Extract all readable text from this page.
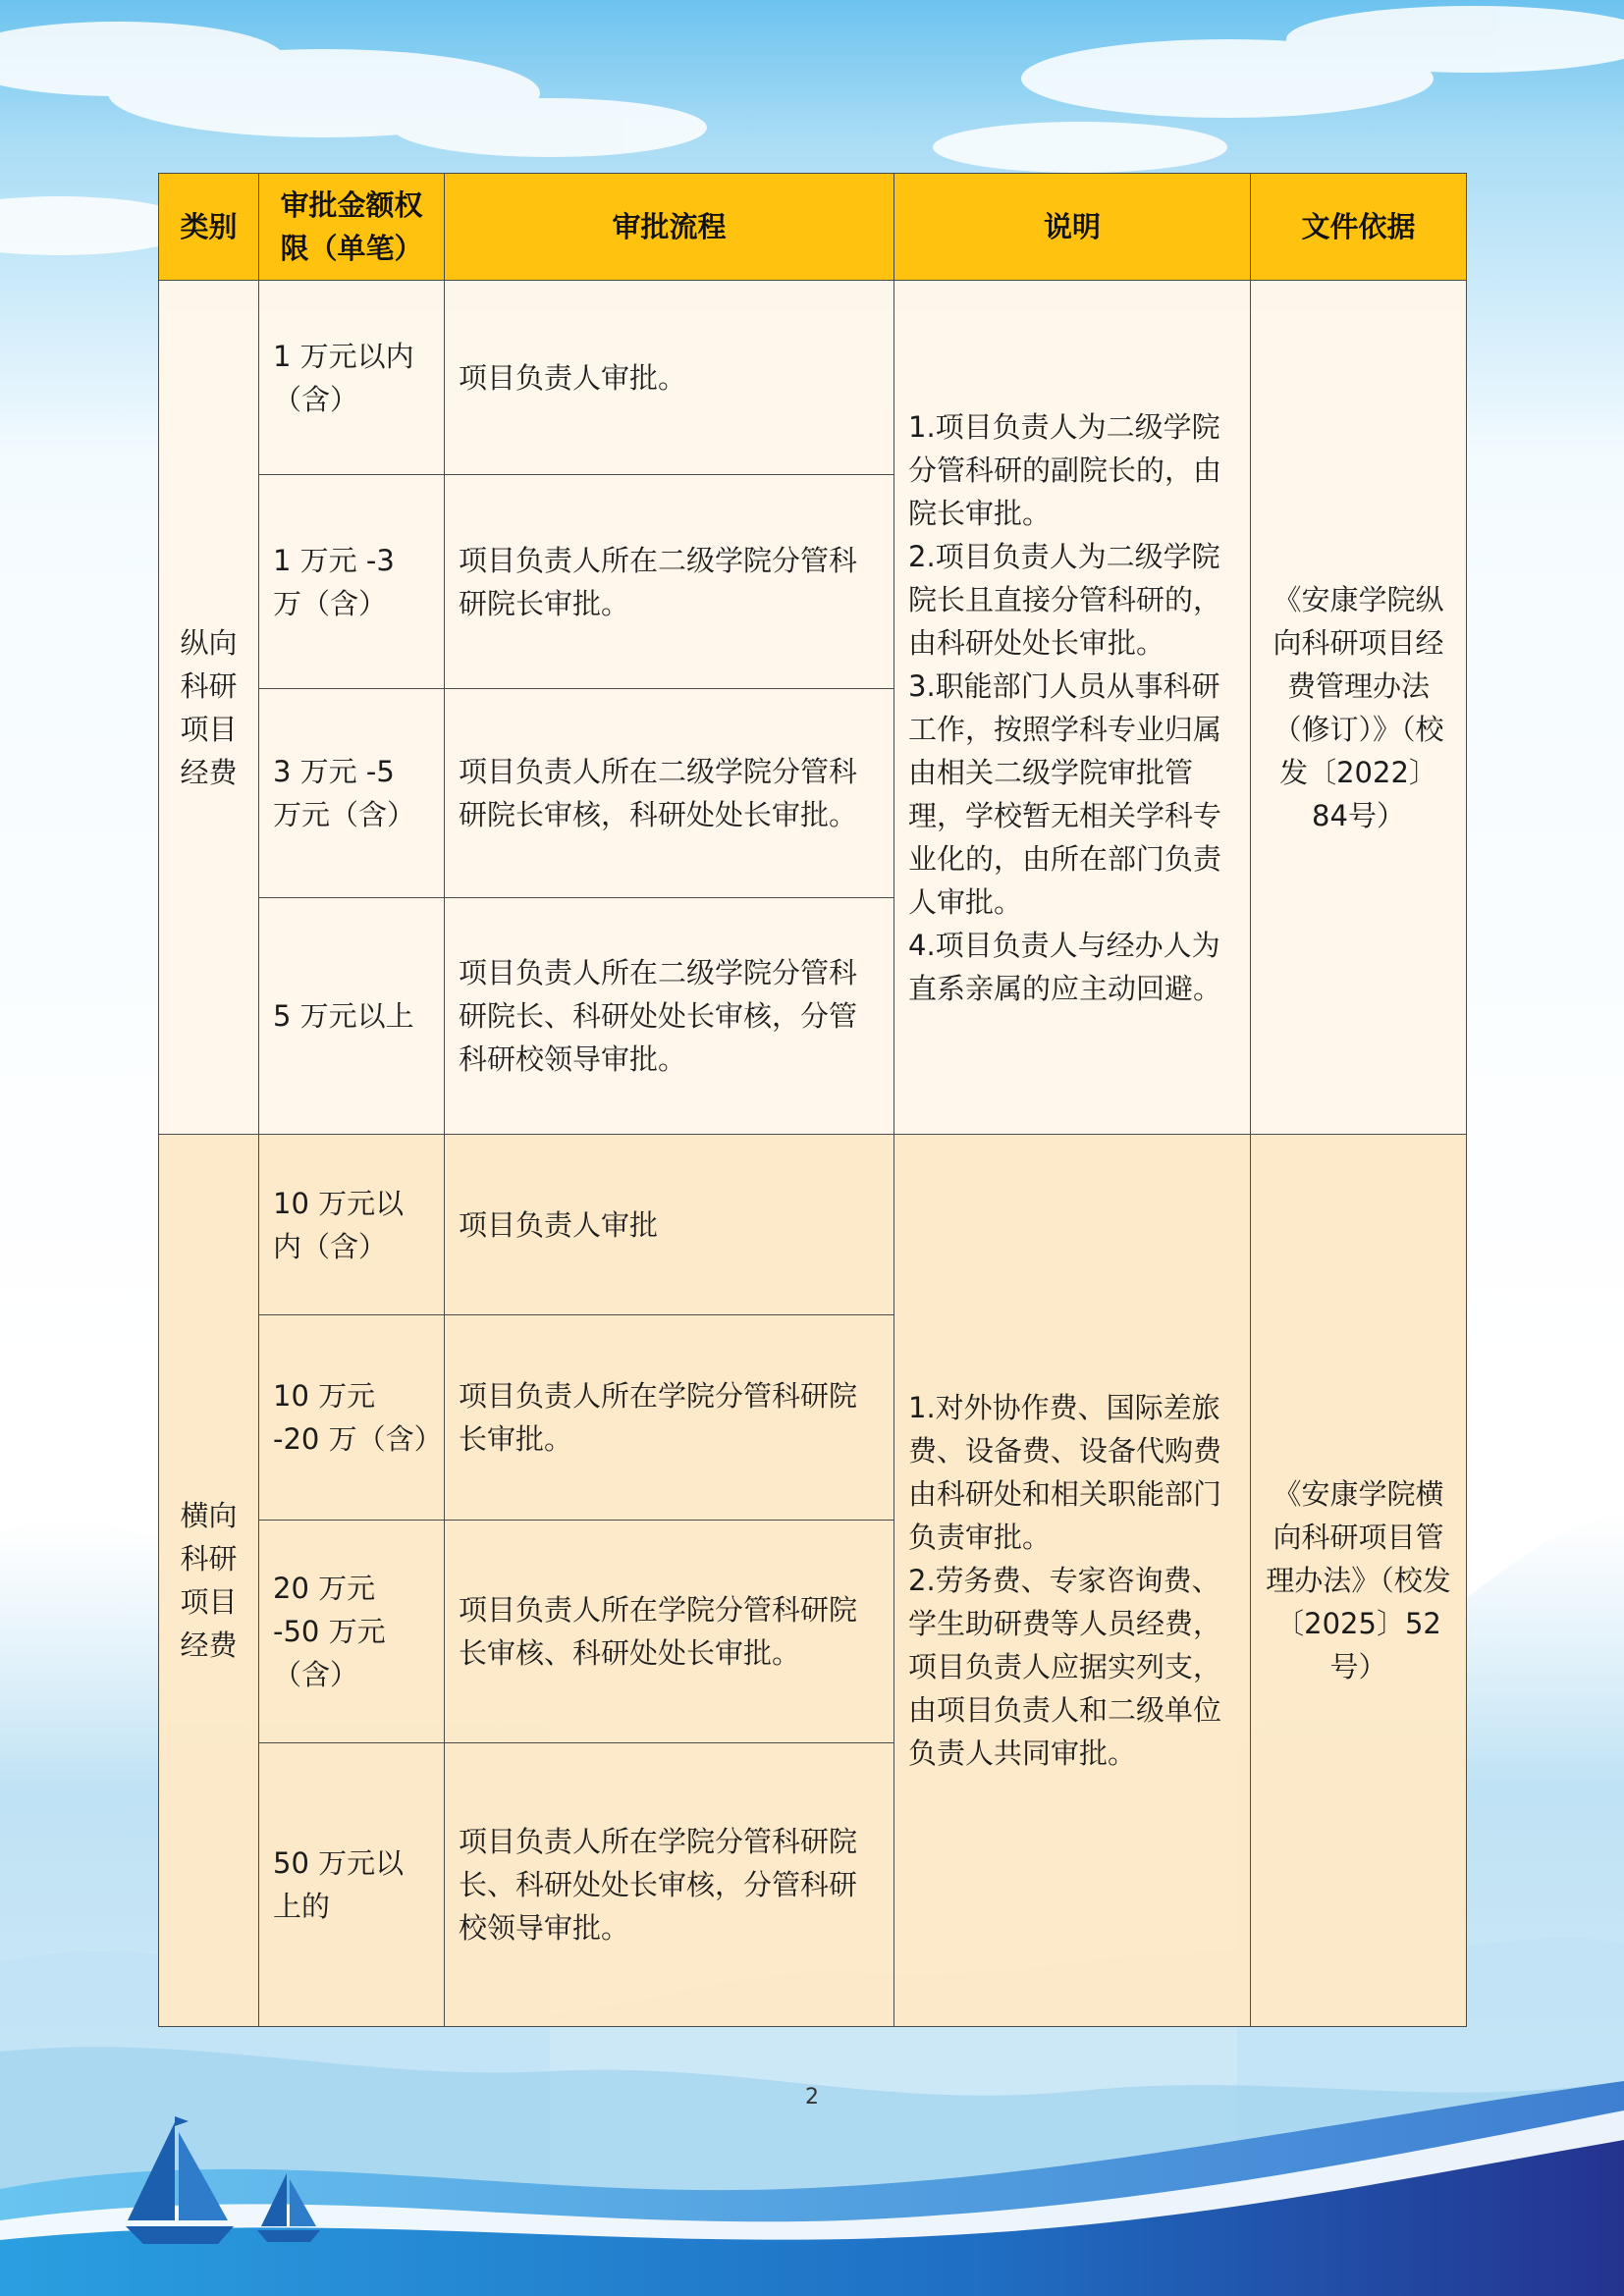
类别	审批金额权限（单笔）	审批流程	说明	文件依据
纵向科研项目经费	1 万元以内（含）	项目负责人审批。	1.项目负责人为二级学院分管科研的副院长的，由院长审批。
2.项目负责人为二级学院院长且直接分管科研的，由科研处处长审批。
3.职能部门人员从事科研工作，按照学科专业归属由相关二级学院审批管理，学校暂无相关学科专业化的，由所在部门负责人审批。
4.项目负责人与经办人为直系亲属的应主动回避。	《安康学院纵向科研项目经费管理办法（修订）》（校发〔2022〕84号）
	1 万元 -3 万（含）	项目负责人所在二级学院分管科研院长审批。		
	3 万元 -5 万元（含）	项目负责人所在二级学院分管科研院长审核，科研处处长审批。		
	5 万元以上	项目负责人所在二级学院分管科研院长、科研处处长审核，分管科研校领导审批。		
横向科研项目经费	10 万元以内（含）	项目负责人审批	1.对外协作费、国际差旅费、设备费、设备代购费由科研处和相关职能部门负责审批。
2.劳务费、专家咨询费、学生助研费等人员经费，项目负责人应据实列支，由项目负责人和二级单位负责人共同审批。	《安康学院横向科研项目管理办法》（校发〔2025〕52号）
	10 万元 -20 万（含）	项目负责人所在学院分管科研院长审批。		
	20 万元 -50 万元（含）	项目负责人所在学院分管科研院长审核、科研处处长审批。		
	50 万元以上的	项目负责人所在学院分管科研院长、科研处处长审核，分管科研校领导审批。		
2
